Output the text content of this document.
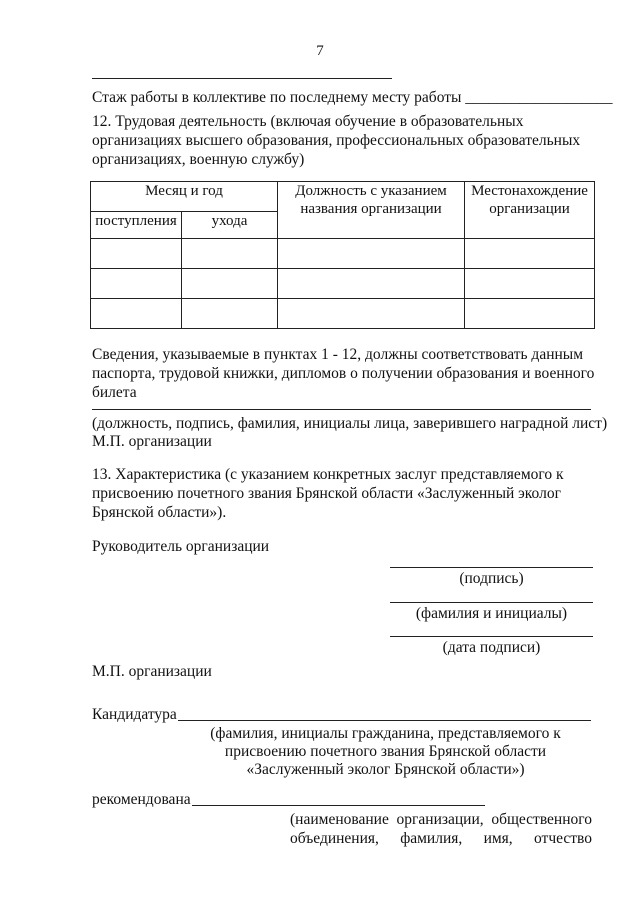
7
Стаж работы в коллективе по последнему месту работы ___________________
12. Трудовая деятельность (включая обучение в образовательных
организациях высшего образования, профессиональных образовательных
организациях, военную службу)
Месяц и год		Должность с указанием названия организации	Местонахождение организации
поступления	ухода		

Сведения, указываемые в пунктах 1 - 12, должны соответствовать данным
паспорта, трудовой книжки, дипломов о получении образования и военного
билета
(должность, подпись, фамилия, инициалы лица, заверившего наградной лист)
М.П. организации
13. Характеристика (с указанием конкретных заслуг представляемого к
присвоению почетного звания Брянской области «Заслуженный эколог
Брянской области»).
Руководитель организации
(подпись)
(фамилия и инициалы)
(дата подписи)
М.П. организации
Кандидатура
(фамилия, инициалы гражданина, представляемого к
присвоению почетного звания Брянской области
«Заслуженный эколог Брянской области»)
рекомендована
(наименование организации, общественного
объединения, фамилия, имя, отчество
